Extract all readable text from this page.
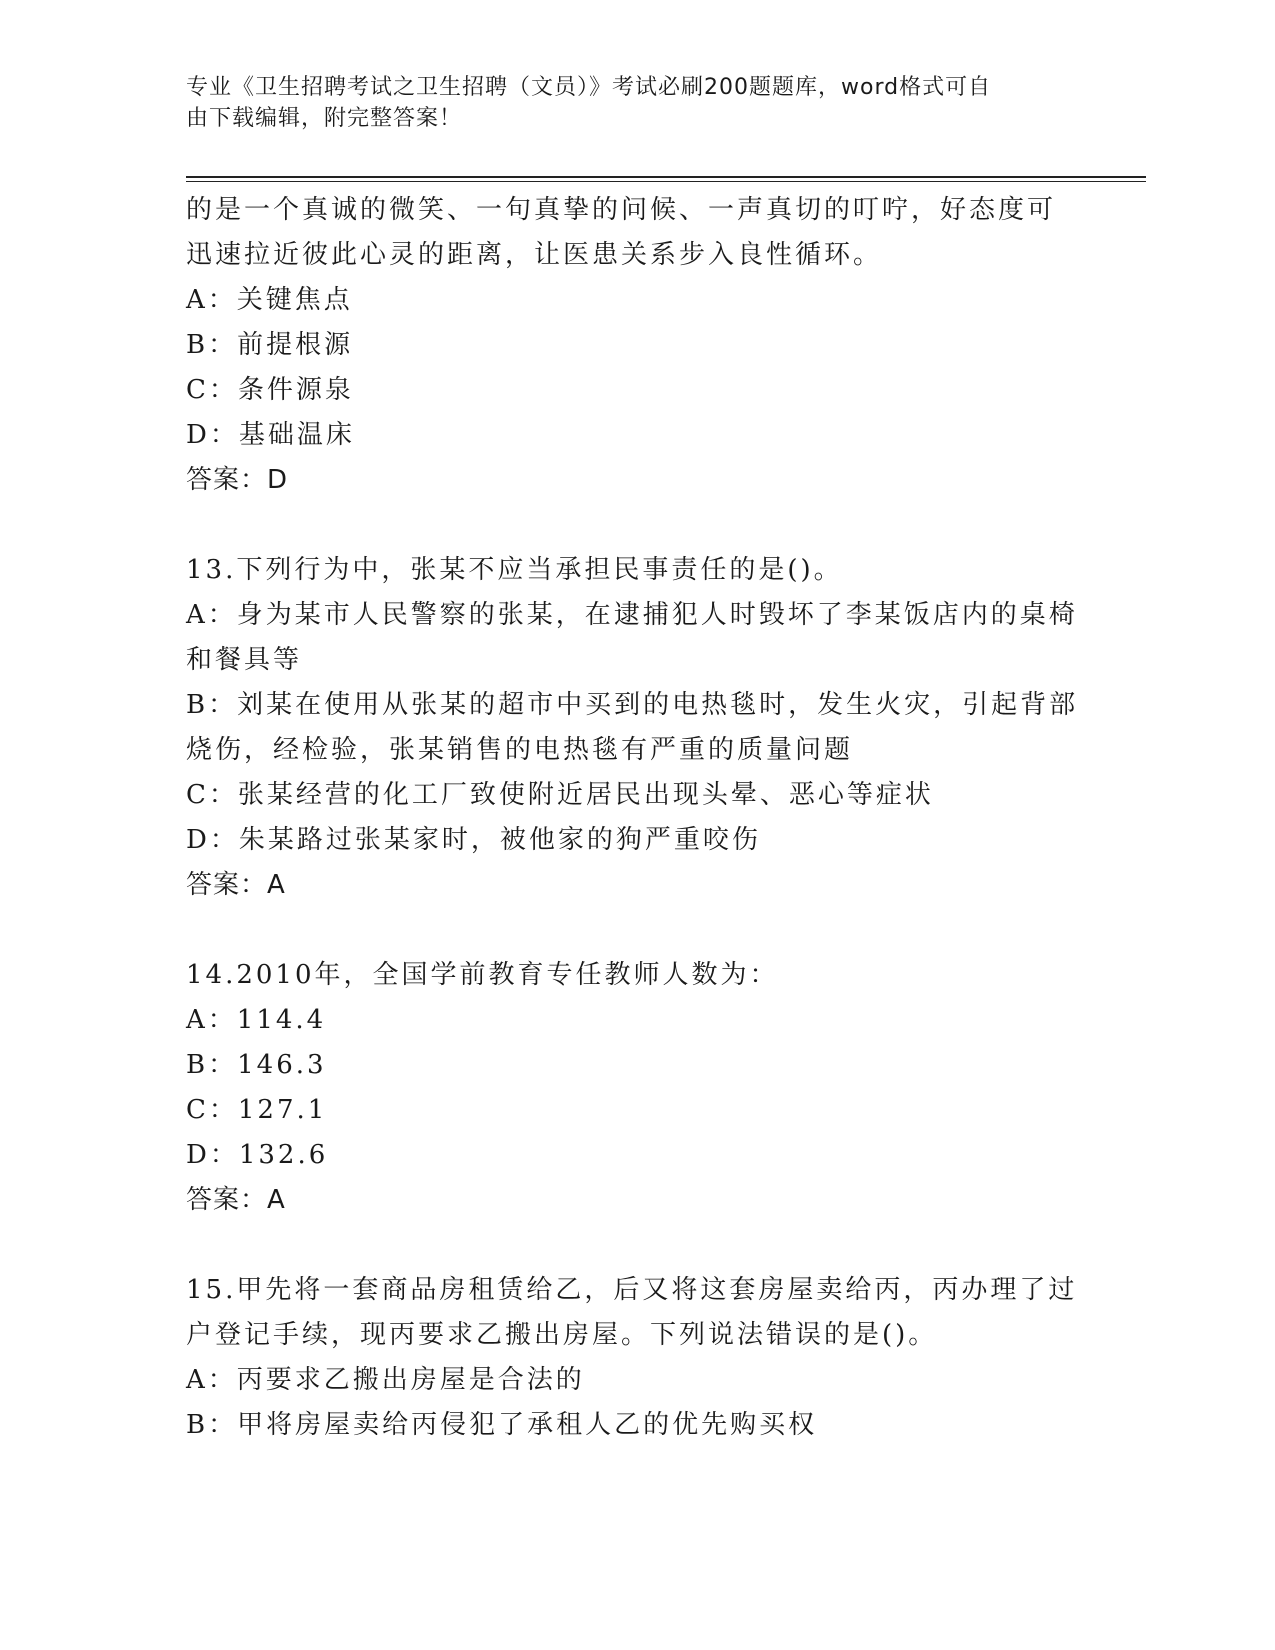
专业《卫生招聘考试之卫生招聘（文员）》考试必刷200题题库，word格式可自
由下载编辑，附完整答案！
的是一个真诚的微笑、一句真挚的问候、一声真切的叮咛，好态度可
迅速拉近彼此心灵的距离，让医患关系步入良性循环。
A：关键焦点
B：前提根源
C：条件源泉
D：基础温床
答案：D
13.下列行为中，张某不应当承担民事责任的是()。
A：身为某市人民警察的张某，在逮捕犯人时毁坏了李某饭店内的桌椅
和餐具等
B：刘某在使用从张某的超市中买到的电热毯时，发生火灾，引起背部
烧伤，经检验，张某销售的电热毯有严重的质量问题
C：张某经营的化工厂致使附近居民出现头晕、恶心等症状
D：朱某路过张某家时，被他家的狗严重咬伤
答案：A
14.2010年，全国学前教育专任教师人数为：
A：114.4
B：146.3
C：127.1
D：132.6
答案：A
15.甲先将一套商品房租赁给乙，后又将这套房屋卖给丙，丙办理了过
户登记手续，现丙要求乙搬出房屋。下列说法错误的是()。
A：丙要求乙搬出房屋是合法的
B：甲将房屋卖给丙侵犯了承租人乙的优先购买权
